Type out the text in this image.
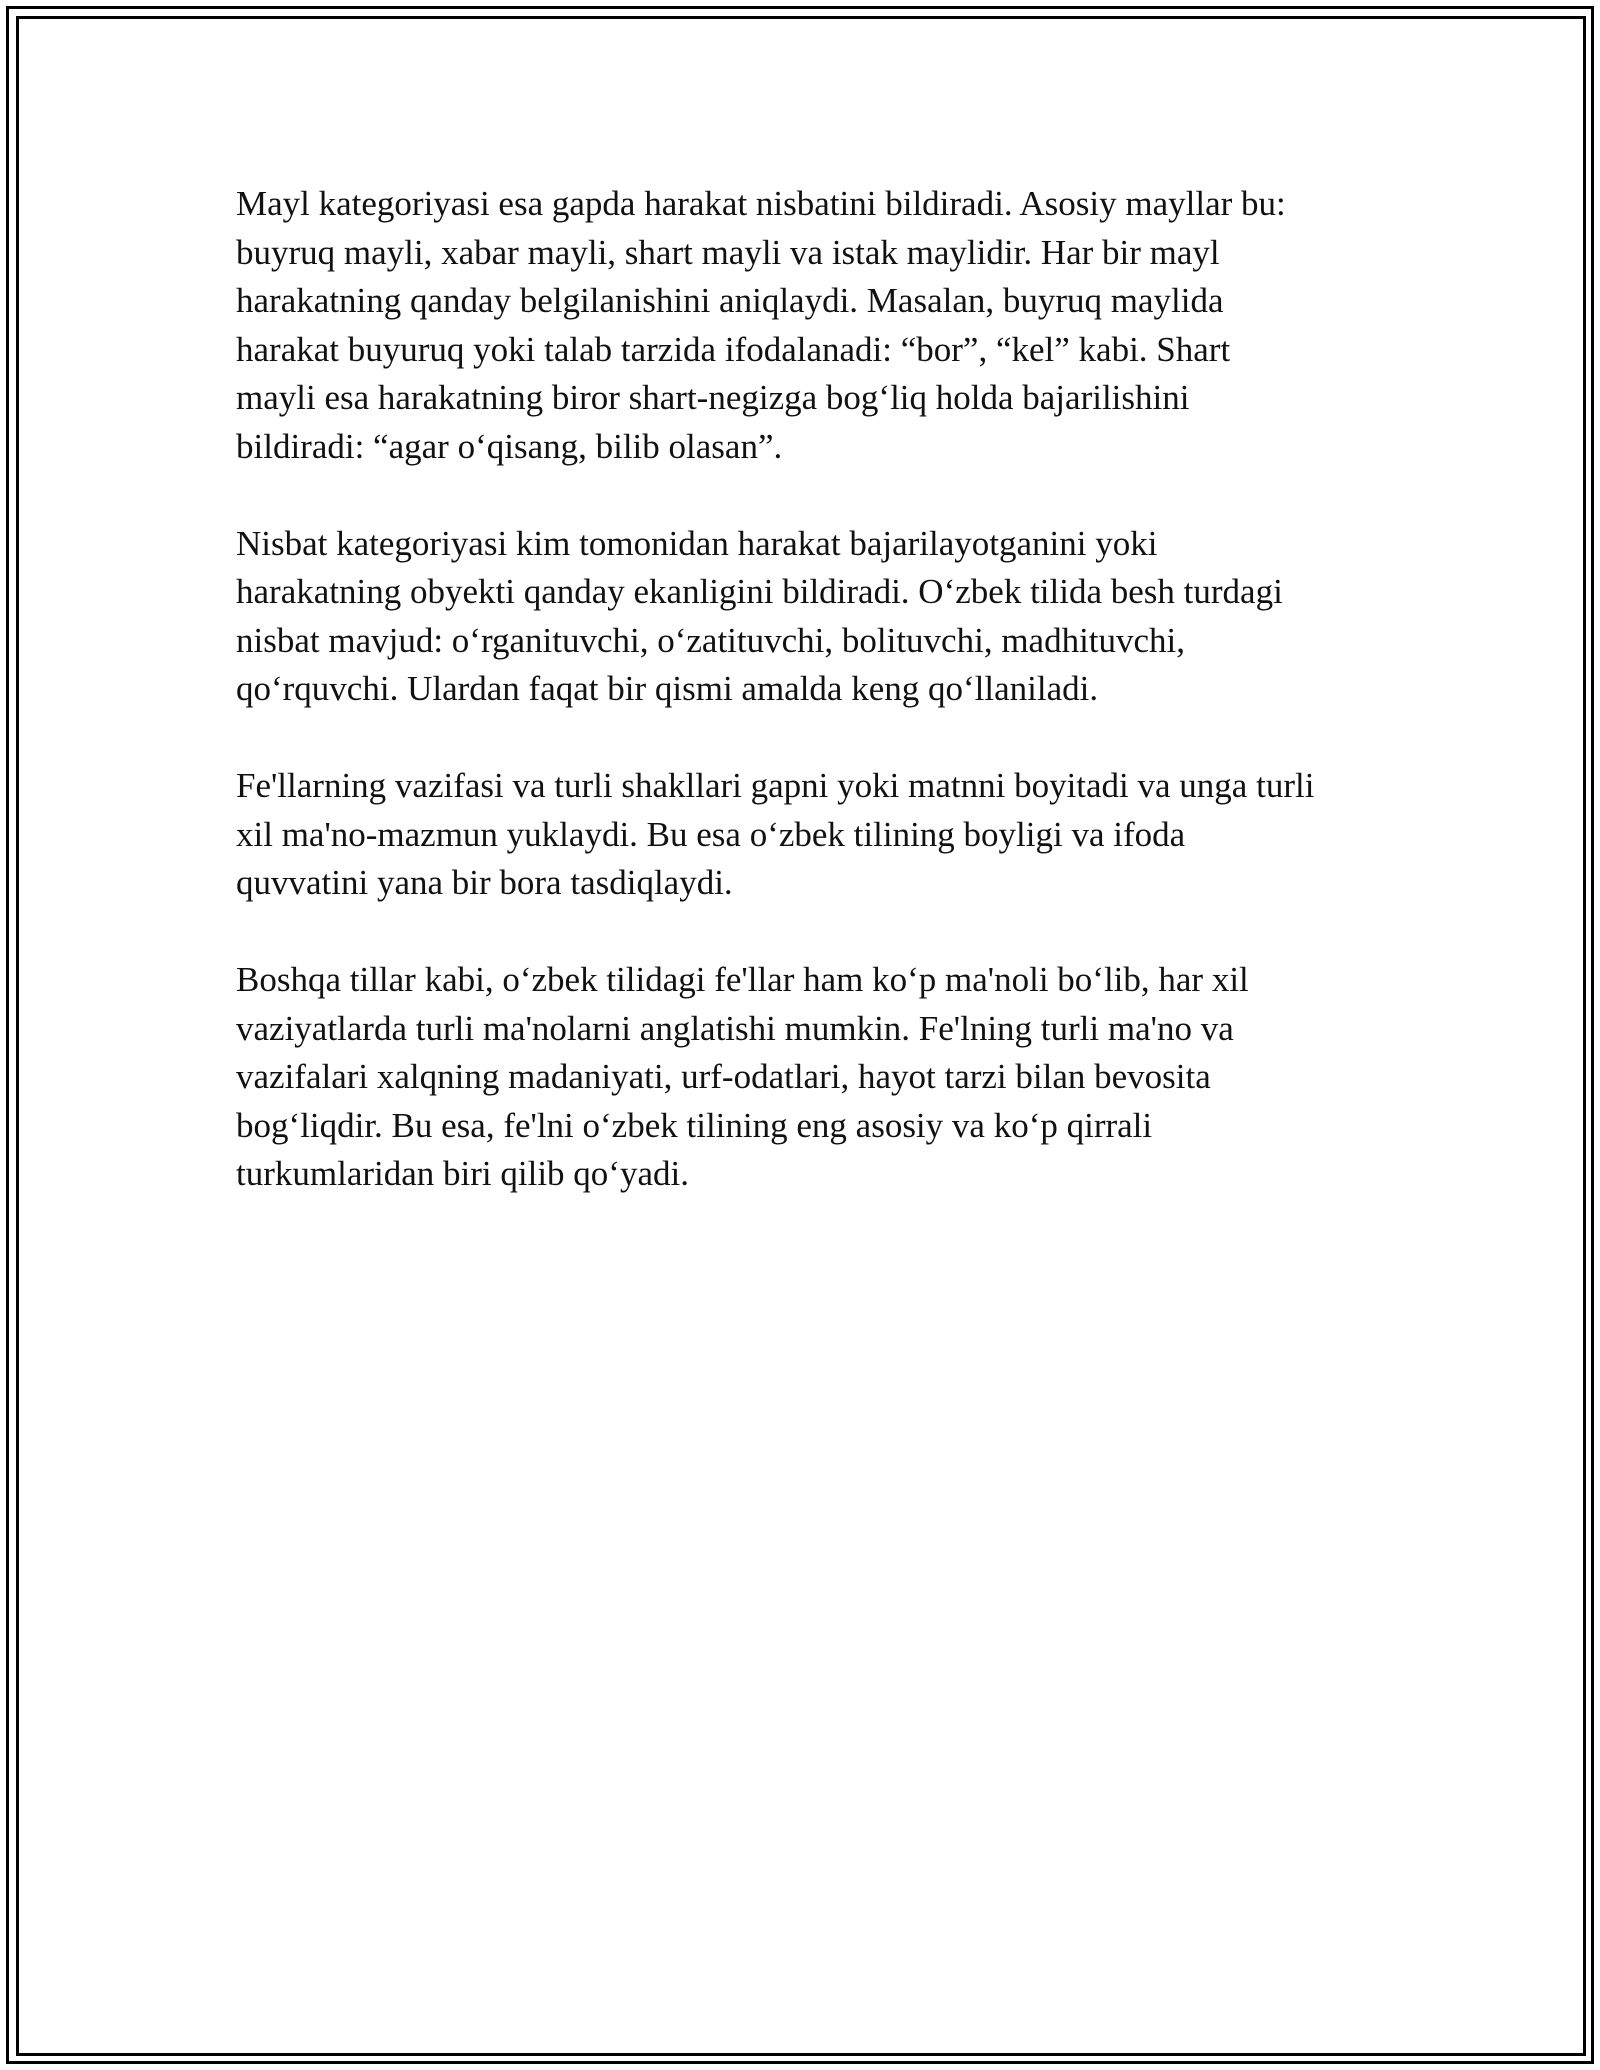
Mayl kategoriyasi esa gapda harakat nisbatini bildiradi. Asosiy mayllar bu:
buyruq mayli, xabar mayli, shart mayli va istak maylidir. Har bir mayl
harakatning qanday belgilanishini aniqlaydi. Masalan, buyruq maylida
harakat buyuruq yoki talab tarzida ifodalanadi: “bor”, “kel” kabi. Shart
mayli esa harakatning biror shart-negizga bog‘liq holda bajarilishini
bildiradi: “agar o‘qisang, bilib olasan”.

Nisbat kategoriyasi kim tomonidan harakat bajarilayotganini yoki
harakatning obyekti qanday ekanligini bildiradi. O‘zbek tilida besh turdagi
nisbat mavjud: o‘rganituvchi, o‘zatituvchi, bolituvchi, madhituvchi,
qo‘rquvchi. Ulardan faqat bir qismi amalda keng qo‘llaniladi.

Fe'llarning vazifasi va turli shakllari gapni yoki matnni boyitadi va unga turli
xil ma'no-mazmun yuklaydi. Bu esa o‘zbek tilining boyligi va ifoda
quvvatini yana bir bora tasdiqlaydi.

Boshqa tillar kabi, o‘zbek tilidagi fe'llar ham ko‘p ma'noli bo‘lib, har xil
vaziyatlarda turli ma'nolarni anglatishi mumkin. Fe'lning turli ma'no va
vazifalari xalqning madaniyati, urf-odatlari, hayot tarzi bilan bevosita
bog‘liqdir. Bu esa, fe'lni o‘zbek tilining eng asosiy va ko‘p qirrali
turkumlaridan biri qilib qo‘yadi.
